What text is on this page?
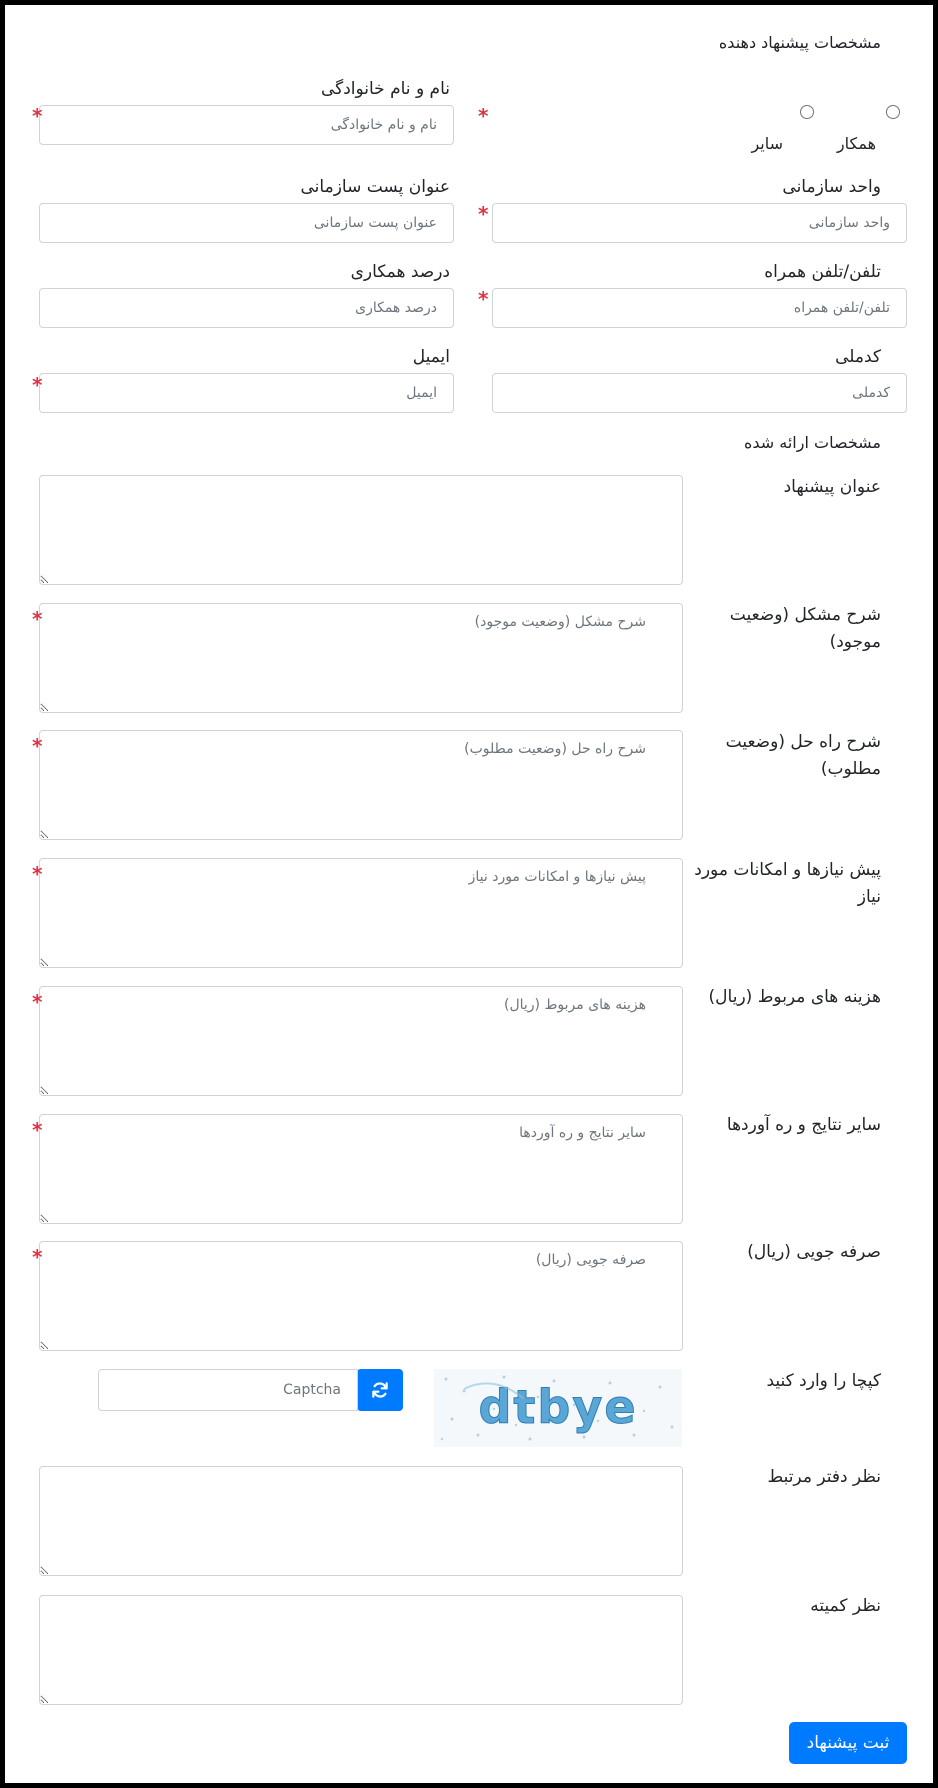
مشخصات پیشنهاد دهنده
*
همکار
سایر
نام و نام خانوادگی
نام و نام خانوادگی
*
واحد سازمانی
واحد سازمانی
*
عنوان پست سازمانی
عنوان پست سازمانی
تلفن/تلفن همراه
تلفن/تلفن همراه
*
درصد همکاری
درصد همکاری
کدملی
کدملی
ایمیل
ایمیل
*
مشخصات ارائه شده
عنوان پیشنهاد
شرح مشکل (وضعیت موجود)
شرح مشکل (وضعیت موجود)
*
شرح راه حل (وضعیت مطلوب)
شرح راه حل (وضعیت مطلوب)
*
پیش نیازها و امکانات مورد نیاز
پیش نیازها و امکانات مورد نیاز
*
هزینه های مربوط (ریال)
هزینه های مربوط (ریال)
*
سایر نتایج و ره آوردها
سایر نتایج و ره آوردها
*
صرفه جویی (ریال)
صرفه جویی (ریال)
*
کپچا را وارد کنید
dtbye
Captcha
نظر دفتر مرتبط
نظر کمیته
ثبت پیشنهاد
